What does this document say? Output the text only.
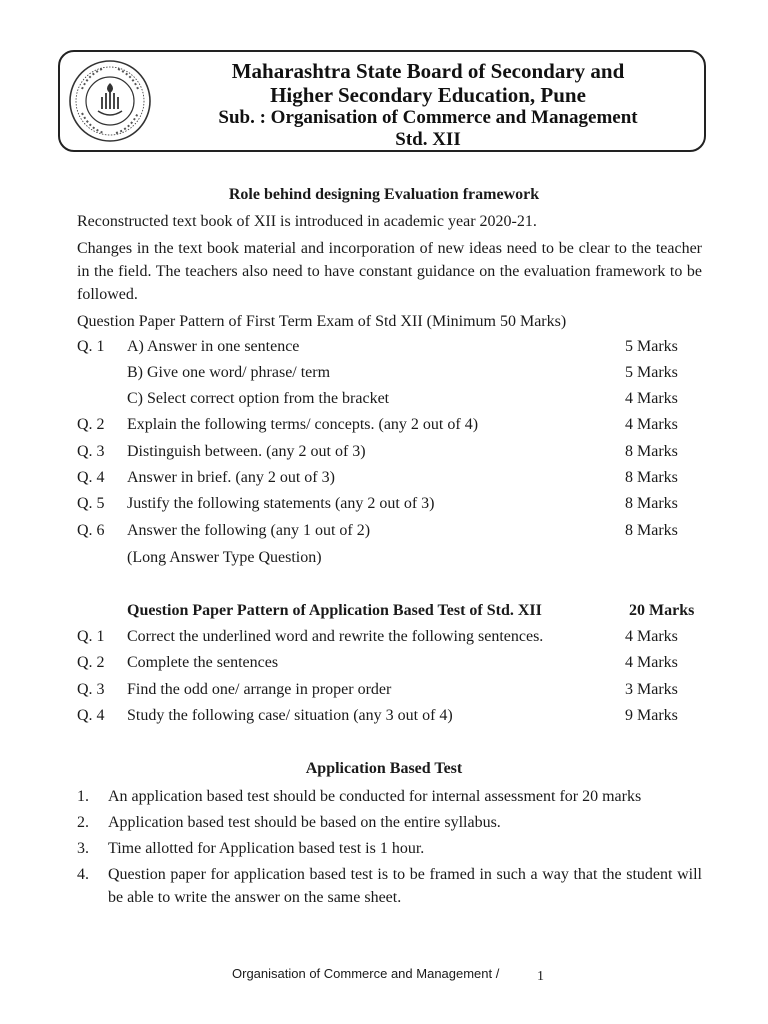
Maharashtra State Board of Secondary and
Higher Secondary Education, Pune
Sub. : Organisation of Commerce and Management
Std. XII
Role behind designing Evaluation framework
Reconstructed text book of XII is introduced in academic year 2020-21.
Changes in the text book material and incorporation of new ideas need to be clear to the teacher in the field. The teachers also need to have constant guidance on the evaluation framework to be followed.
Question Paper Pattern of First Term Exam of Std XII (Minimum 50 Marks)
Q. 1 A) Answer in one sentence	5 Marks
B) Give one word/ phrase/ term	5 Marks
C) Select correct option from the bracket	4 Marks
Q. 2 Explain the following terms/ concepts. (any 2 out of 4)	4 Marks
Q. 3 Distinguish between. (any 2 out of 3)	8 Marks
Q. 4 Answer in brief. (any 2 out of 3)	8 Marks
Q. 5 Justify the following statements (any 2 out of 3)	8 Marks
Q. 6 Answer the following (any 1 out of 2)	8 Marks
(Long Answer Type Question)
Question Paper Pattern of Application Based Test of Std. XII	20 Marks
Q. 1 Correct the underlined word and rewrite the following sentences.	4 Marks
Q. 2 Complete the sentences	4 Marks
Q. 3 Find the odd one/ arrange in proper order	3 Marks
Q. 4 Study the following case/ situation (any 3 out of 4)	9 Marks
Application Based Test
1. An application based test should be conducted for internal assessment for 20 marks
2. Application based test should be based on the entire syllabus.
3. Time allotted for Application based test is 1 hour.
4. Question paper for application based test is to be framed in such a way that the student will be able to write the answer on the same sheet.
Organisation of Commerce and Management /	1
